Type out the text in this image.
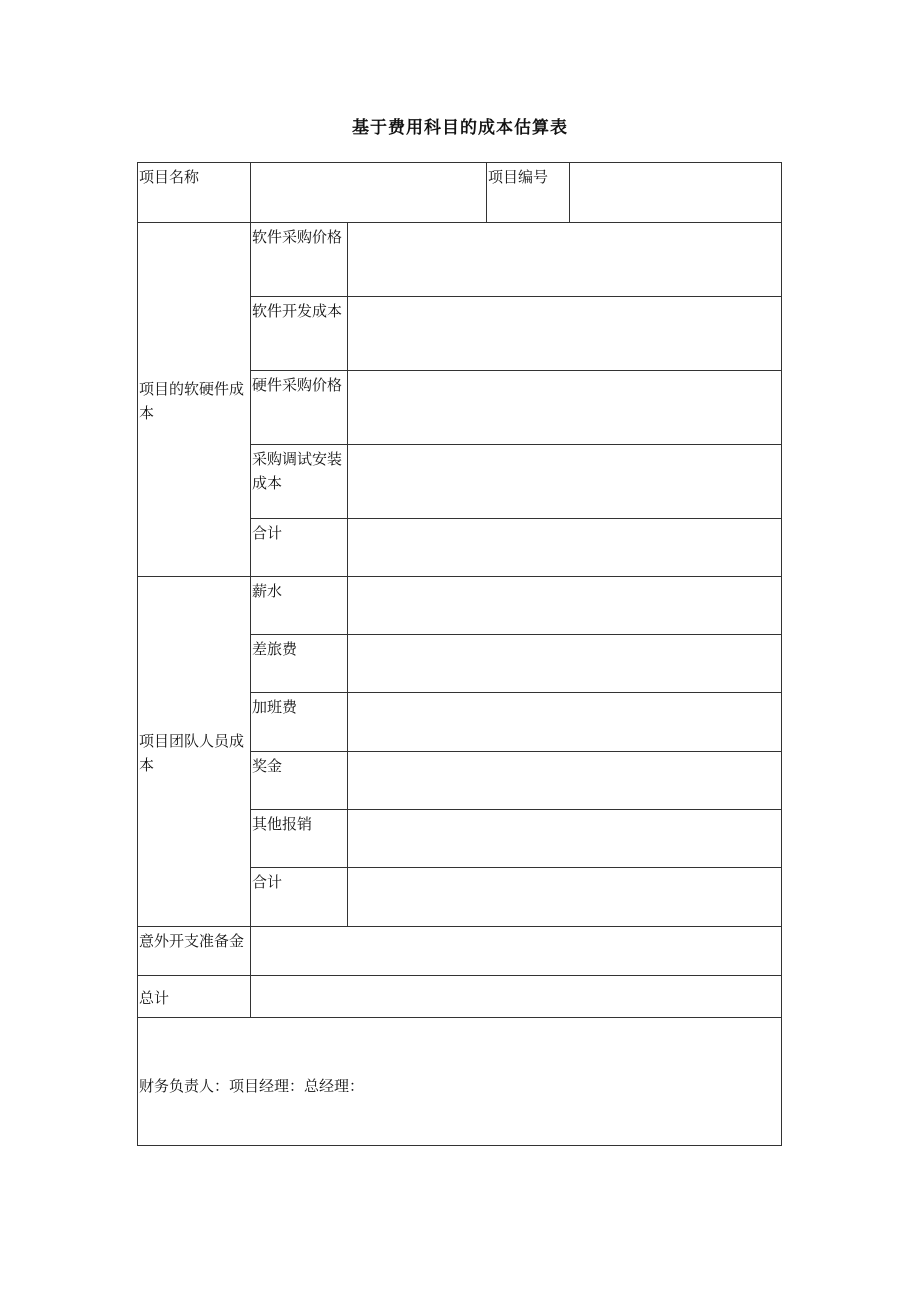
基于费用科目的成本估算表
项目名称			项目编号	
项目的软硬件成本	软件采购价格			
	软件开发成本			
	硬件采购价格			
	采购调试安装成本			
	合计			
项目团队人员成本	薪水			
	差旅费			
	加班费			
	奖金			
	其他报销			
	合计			
意外开支准备金				
总计				
财务负责人：项目经理：总经理：				
